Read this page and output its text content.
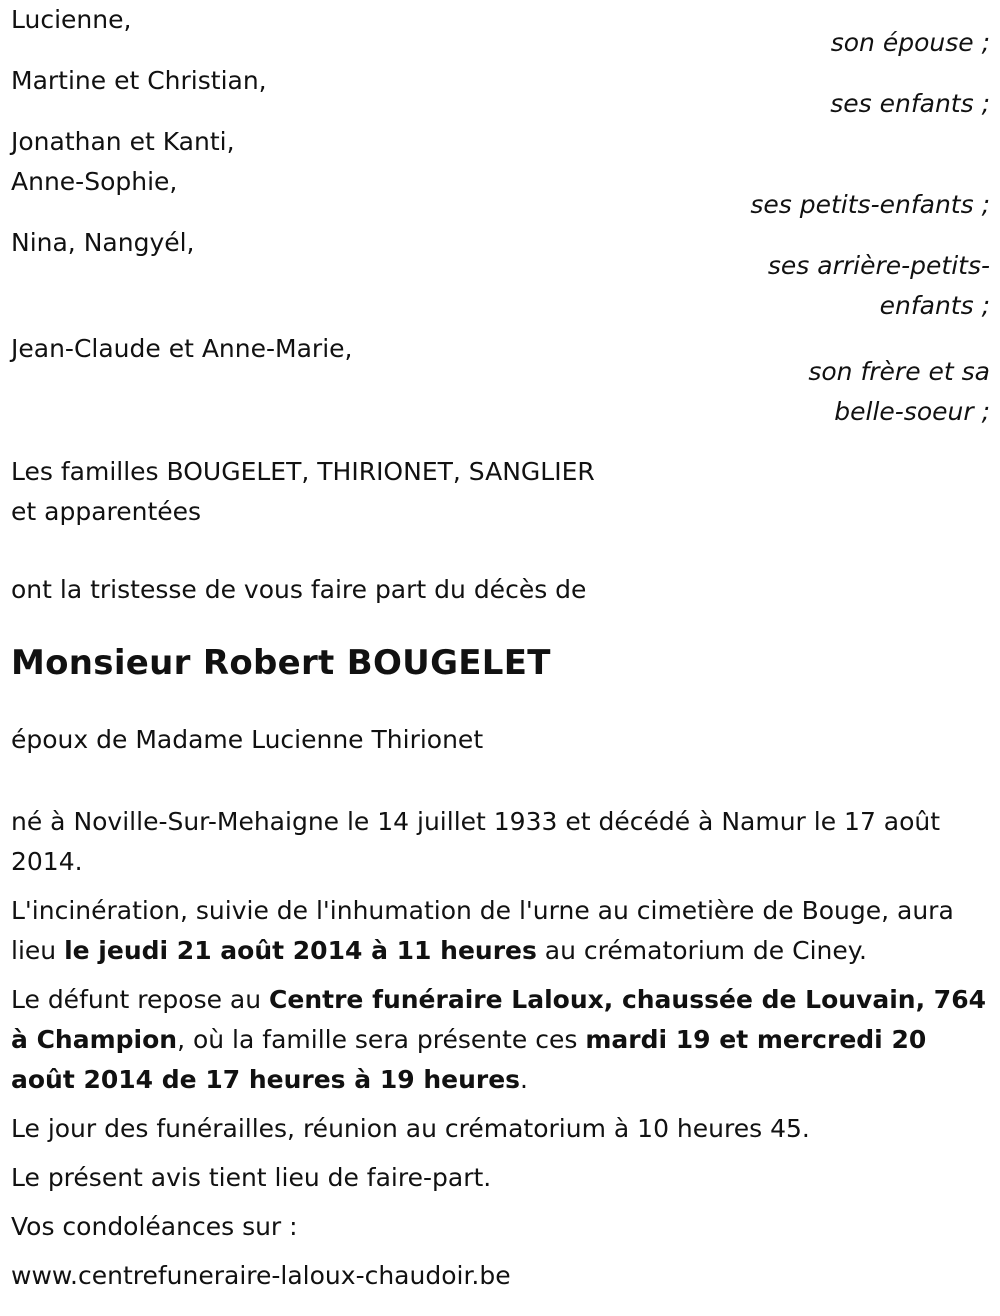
Lucienne,

son épouse ;

Martine et Christian,

ses enfants ;

Jonathan et Kanti,
Anne-Sophie,

ses petits-enfants ;

Nina, Nangyél,

ses arrière-petits-
enfants ;

Jean-Claude et Anne-Marie,

son frère et sa
belle-soeur ;

Les familles BOUGELET, THIRIONET, SANGLIER
et apparentées

ont la tristesse de vous faire part du décès de

Monsieur Robert BOUGELET

époux de Madame Lucienne Thirionet

né à Noville-Sur-Mehaigne le 14 juillet 1933 et décédé à Namur le 17 août 2014.

L'incinération, suivie de l'inhumation de l'urne au cimetière de Bouge, aura lieu le jeudi 21 août 2014 à 11 heures au crématorium de Ciney.

Le défunt repose au Centre funéraire Laloux, chaussée de Louvain, 764 à Champion, où la famille sera présente ces mardi 19 et mercredi 20 août 2014 de 17 heures à 19 heures.

Le jour des funérailles, réunion au crématorium à 10 heures 45.

Le présent avis tient lieu de faire-part.

Vos condoléances sur :

www.centrefuneraire-laloux-chaudoir.be
